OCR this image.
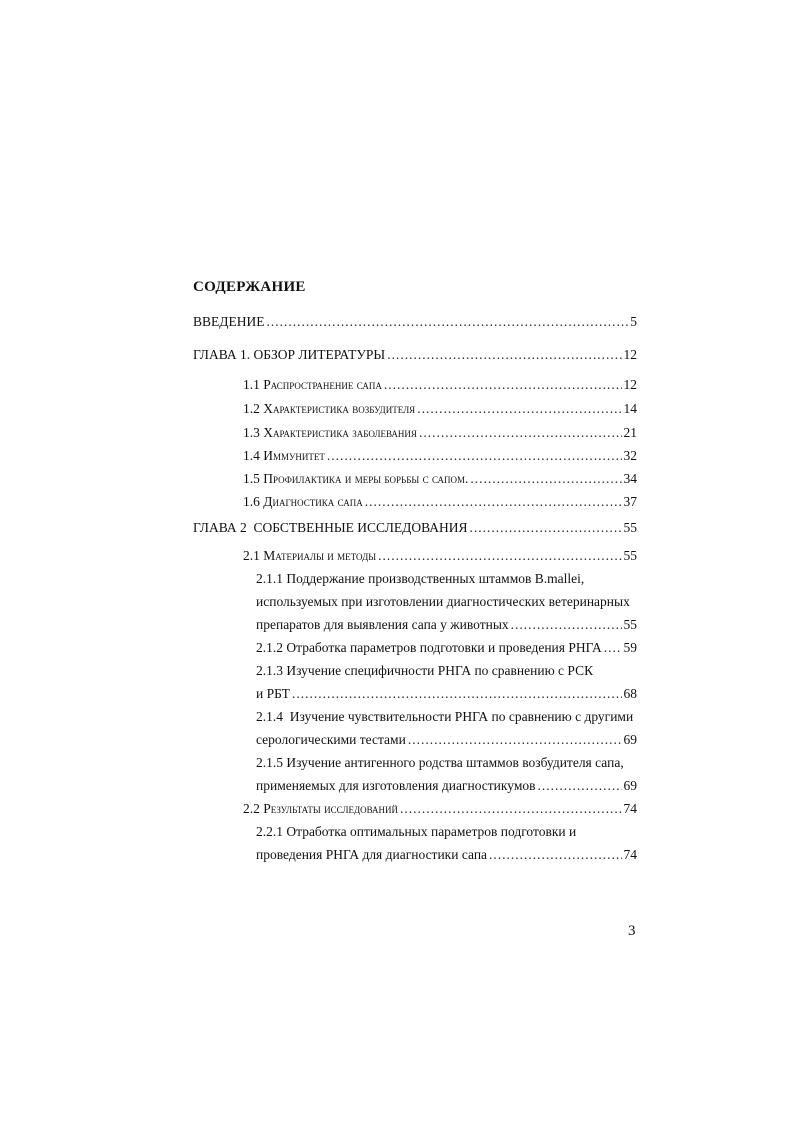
СОДЕРЖАНИЕ
ВВЕДЕНИЕ .....	5
ГЛАВА 1. ОБЗОР ЛИТЕРАТУРЫ .....	12
1.1 Распространение сапа .....	12
1.2 Характеристика возбудителя .....	14
1.3 Характеристика заболевания .....	21
1.4 Иммунитет .....	32
1.5 Профилактика и меры борьбы с сапом. .....	34
1.6 Диагностика сапа .....	37
ГЛАВА 2  СОБСТВЕННЫЕ ИССЛЕДОВАНИЯ .....	55
2.1 Материалы и методы .....	55
2.1.1 Поддержание производственных штаммов B.mallei,
используемых при изготовлении диагностических ветеринарных
препаратов для выявления сапа у животных .....	55
2.1.2 Отработка параметров подготовки и проведения РНГА ..... 59
2.1.3 Изучение специфичности РНГА по сравнению с РСК
и РБТ .....	68
2.1.4  Изучение чувствительности РНГА по сравнению с другими
серологическими тестами .....	69
2.1.5 Изучение антигенного родства штаммов возбудителя сапа,
применяемых для изготовления диагностикумов .....	69
2.2 Результаты исследований .....	74
2.2.1 Отработка оптимальных параметров подготовки и
проведения РНГА для диагностики сапа .....	74
3
